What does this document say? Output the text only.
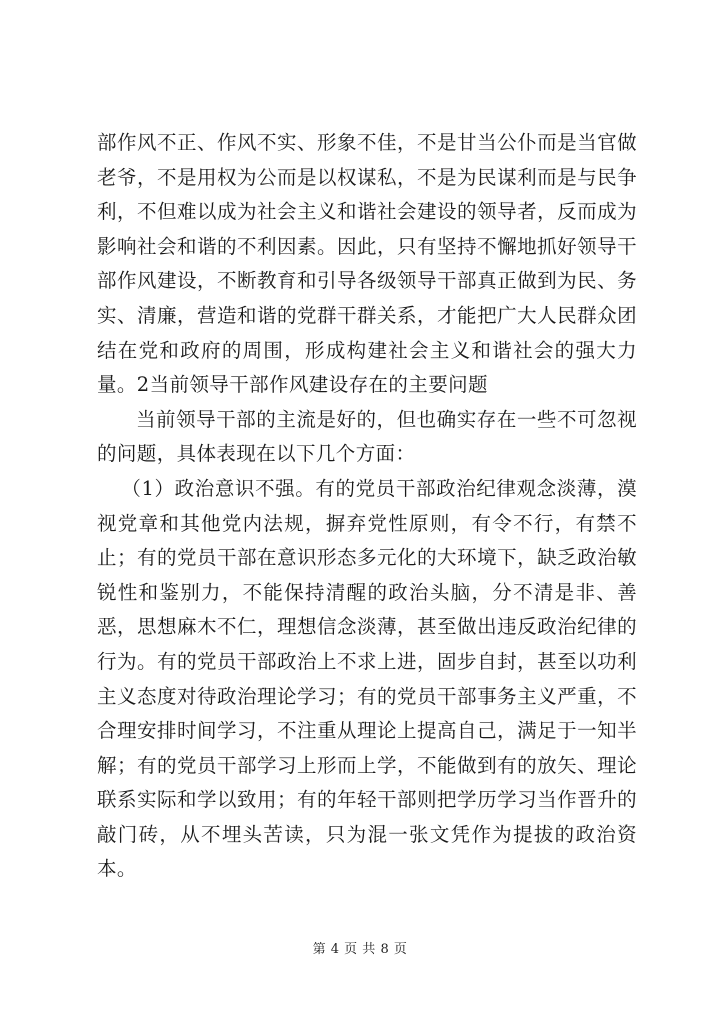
部作风不正、作风不实、形象不佳，不是甘当公仆而是当官做老爷，不是用权为公而是以权谋私，不是为民谋利而是与民争利，不但难以成为社会主义和谐社会建设的领导者，反而成为影响社会和谐的不利因素。因此，只有坚持不懈地抓好领导干部作风建设，不断教育和引导各级领导干部真正做到为民、务实、清廉，营造和谐的党群干群关系，才能把广大人民群众团结在党和政府的周围，形成构建社会主义和谐社会的强大力量。2当前领导干部作风建设存在的主要问题

当前领导干部的主流是好的，但也确实存在一些不可忽视的问题，具体表现在以下几个方面：

（1）政治意识不强。有的党员干部政治纪律观念淡薄，漠视党章和其他党内法规，摒弃党性原则，有令不行，有禁不止；有的党员干部在意识形态多元化的大环境下，缺乏政治敏锐性和鉴别力，不能保持清醒的政治头脑，分不清是非、善恶，思想麻木不仁，理想信念淡薄，甚至做出违反政治纪律的行为。有的党员干部政治上不求上进，固步自封，甚至以功利主义态度对待政治理论学习；有的党员干部事务主义严重，不合理安排时间学习，不注重从理论上提高自己，满足于一知半解；有的党员干部学习上形而上学，不能做到有的放矢、理论联系实际和学以致用；有的年轻干部则把学历学习当作晋升的敲门砖，从不埋头苦读，只为混一张文凭作为提拔的政治资本。

第 4 页 共 8 页
